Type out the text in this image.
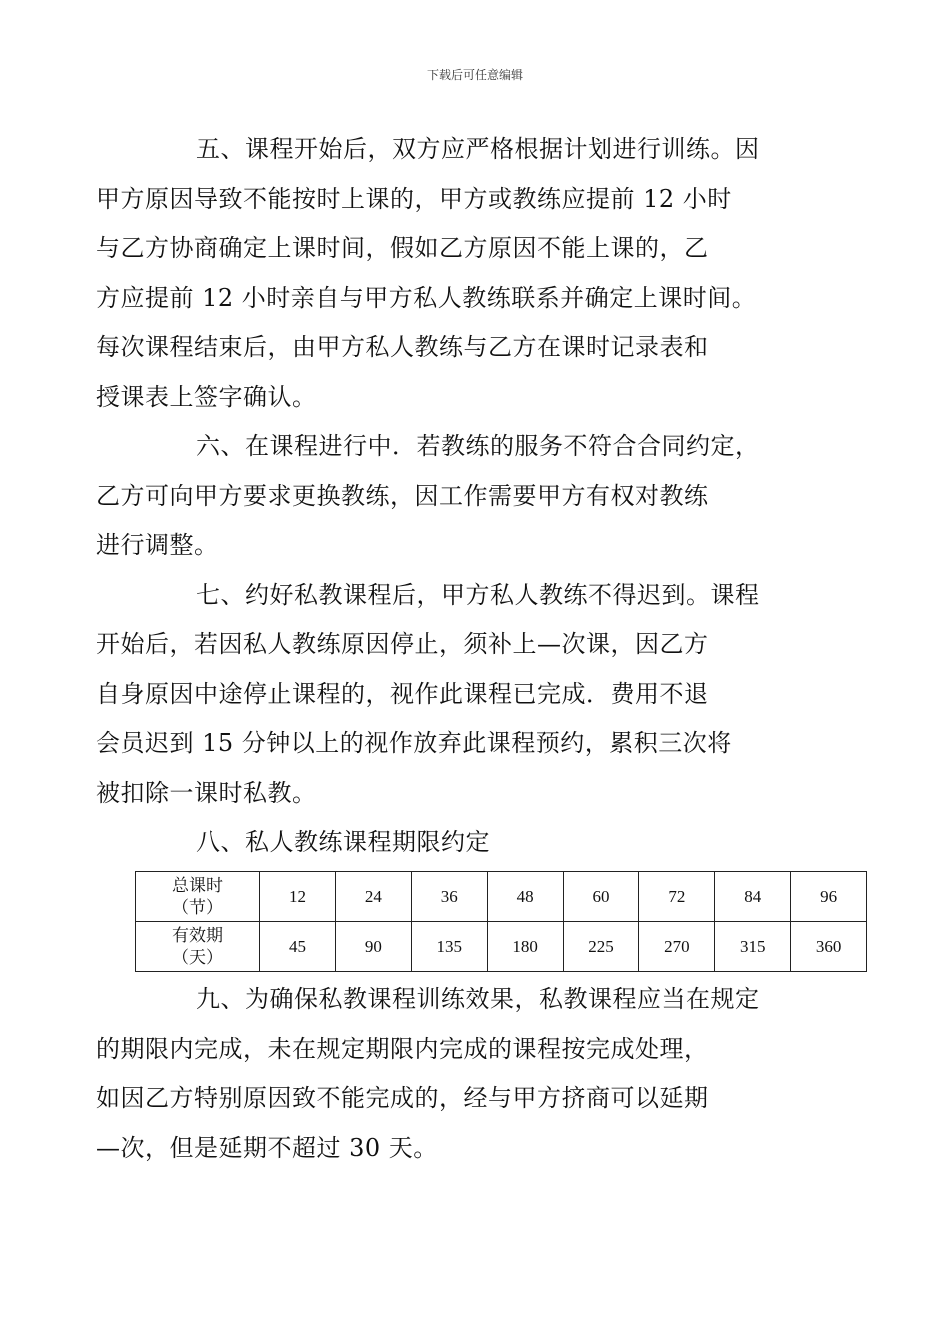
下载后可任意编辑

五、课程开始后，双方应严格根据计划进行训练。因
甲方原因导致不能按时上课的，甲方或教练应提前 12 小时
与乙方协商确定上课时间，假如乙方原因不能上课的，乙
方应提前 12 小时亲自与甲方私人教练联系并确定上课时间。
每次课程结束后，由甲方私人教练与乙方在课时记录表和
授课表上签字确认。

六、在课程进行中．若教练的服务不符合合同约定，
乙方可向甲方要求更换教练，因工作需要甲方有权对教练
进行调整。

七、约好私教课程后，甲方私人教练不得迟到。课程
开始后，若因私人教练原因停止，须补上—次课，因乙方
自身原因中途停止课程的，视作此课程已完成．费用不退
会员迟到 15 分钟以上的视作放弃此课程预约，累积三次将
被扣除一课时私教。

八、私人教练课程期限约定

总课时
（节）	12	24	36	48	60	72	84	96

有效期
（天）	45	90	135	180	225	270	315	360

九、为确保私教课程训练效果，私教课程应当在规定
的期限内完成，未在规定期限内完成的课程按完成处理，
如因乙方特别原因致不能完成的，经与甲方挤商可以延期
—次，但是延期不超过 30 天。
